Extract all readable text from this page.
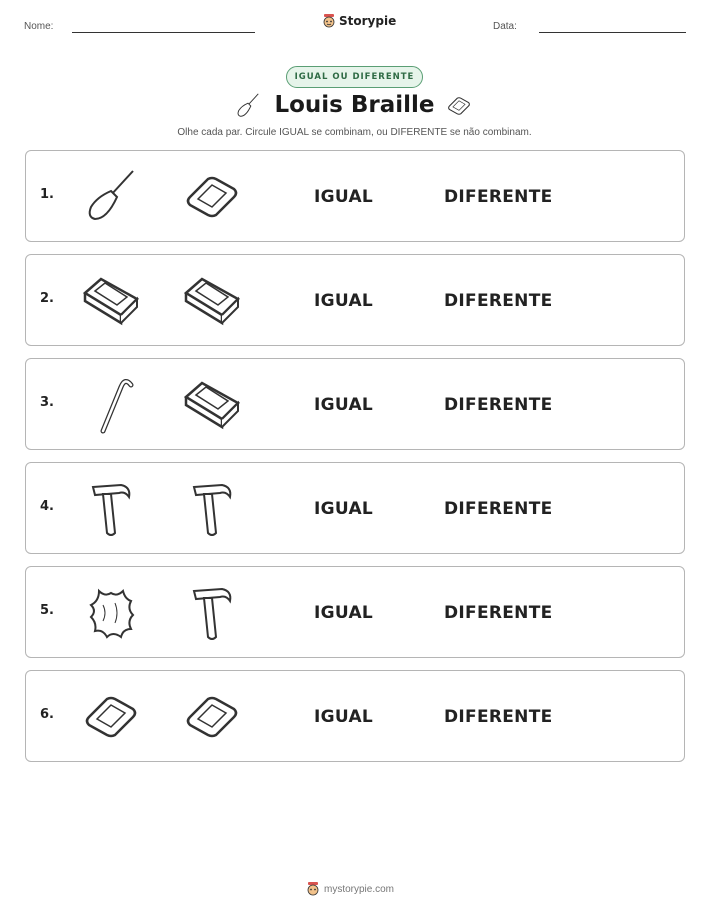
Nome:	Storypie	Data:
IGUAL OU DIFERENTE
Louis Braille
Olhe cada par. Circule IGUAL se combinam, ou DIFERENTE se não combinam.
1.	IGUAL	DIFERENTE
2.	IGUAL	DIFERENTE
3.	IGUAL	DIFERENTE
4.	IGUAL	DIFERENTE
5.	IGUAL	DIFERENTE
6.	IGUAL	DIFERENTE
mystorypie.com
